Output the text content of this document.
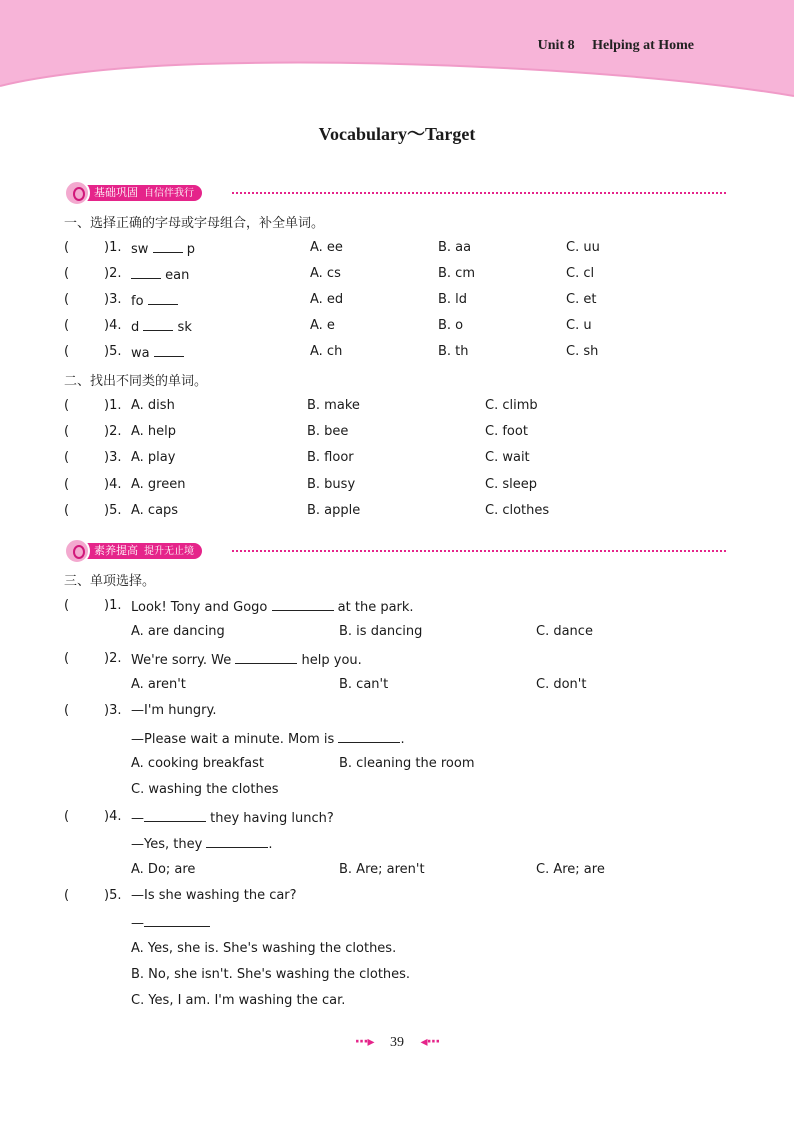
Unit 8 Helping at Home
Vocabulary～Target
基础巩固 自信伴我行
一、选择正确的字母或字母组合，补全单词。
(	)1. sw	p	A. ee	B. aa	C. uu
(	)2.	ean	A. cs	B. cm	C. cl
(	)3. fo	A. ed	B. ld	C. et
(	)4. d	sk	A. e	B. o	C. u
(	)5. wa	A. ch	B. th	C. sh
二、找出不同类的单词。
(	)1. A. dish	B. make	C. climb
(	)2. A. help	B. bee	C. foot
(	)3. A. play	B. floor	C. wait
(	)4. A. green	B. busy	C. sleep
(	)5. A. caps	B. apple	C. clothes
素养提高 提升无止境
三、单项选择。
(	)1. Look! Tony and Gogo	at the park.
A. are dancing	B. is dancing	C. dance
(	)2. We're sorry. We	help you.
A. aren't	B. can't	C. don't
(	)3. —I'm hungry.
—Please wait a minute. Mom is	.
A. cooking breakfast	B. cleaning the room
C. washing the clothes
(	)4. —	they having lunch?
—Yes, they	.
A. Do; are	B. Are; aren't	C. Are; are
(	)5. —Is she washing the car?
—
A. Yes, she is. She's washing the clothes.
B. No, she isn't. She's washing the clothes.
C. Yes, I am. I'm washing the car.
···▸ 39 ◂···
